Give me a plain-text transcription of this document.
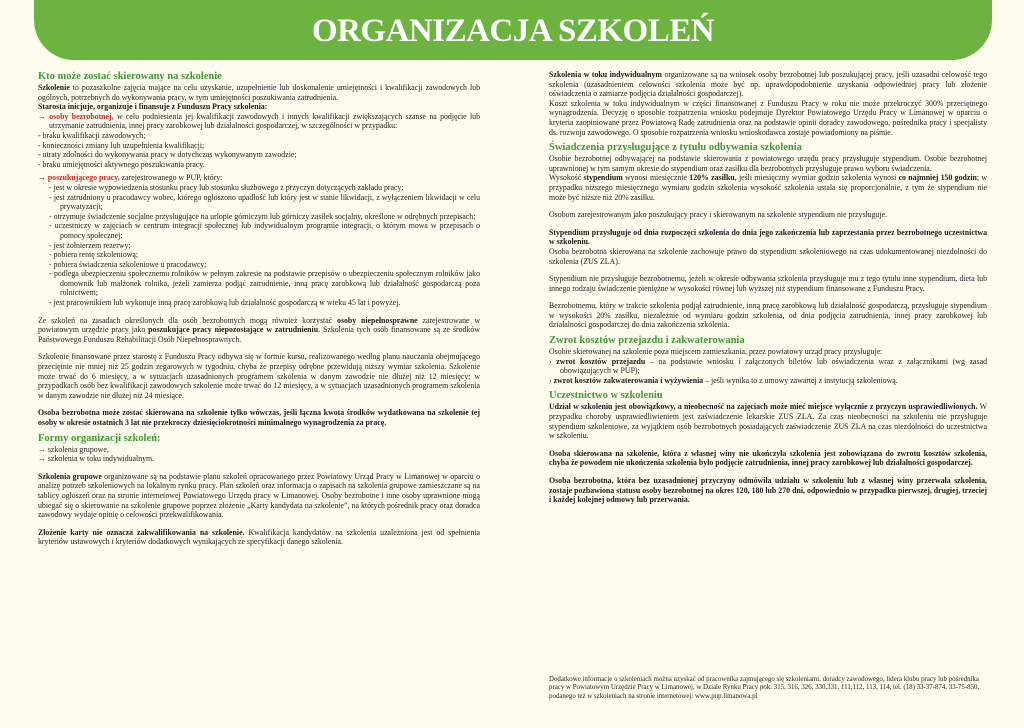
ORGANIZACJA SZKOLEŃ
Kto może zostać skierowany na szkolenie

Szkolenie to pozaszkolne zajęcia mające na celu uzyskanie, uzupełnienie lub doskonalenie umiejętności i kwalifikacji zawodowych lub ogólnych, potrzebnych do wykonywania pracy, w tym umiejętności poszukiwania zatrudnienia.

Starosta inicjuje, organizuje i finansuje z Funduszu Pracy szkolenia:

→ osoby bezrobotnej, w celu podniesienia jej kwalifikacji zawodowych i innych kwalifikacji zwiększających szanse na podjęcie lub utrzymanie zatrudnienia, innej pracy zarobkowej lub działalności gospodarczej, w szczególności w przypadku:

- braku kwalifikacji zawodowych;

- konieczności zmiany lub uzupełnienia kwalifikacji;

- utraty zdolności do wykonywania pracy w dotychczas wykonywanym zawodzie;

- braku umiejętności aktywnego poszukiwania pracy.

→ poszukującego pracy, zarejestrowanego w PUP, który:

- jest w okresie wypowiedzenia stosunku pracy lub stosunku służbowego z przyczyn dotyczących zakładu pracy;

- jest zatrudniony u pracodawcy wobec, którego ogłoszono upadłość lub który jest w stanie likwidacji, z wyłączeniem likwidacji w celu prywatyzacji;

- otrzymuje świadczenie socjalne przysługujące na urlopie górniczym lub górniczy zasiłek socjalny, określone w odrębnych przepisach;

- uczestniczy w zajęciach w centrum integracji społecznej lub indywidualnym programie integracji, o którym mowa w przepisach o pomocy społecznej;

- jest żołnierzem rezerwy;

- pobiera rentę szkoleniową;

- pobiera świadczenia szkoleniowe u pracodawcy;

- podlega ubezpieczeniu społecznemu rolników w pełnym zakresie na podstawie przepisów o ubezpieczeniu społecznym rolników jako domownik lub małżonek rolnika, jeżeli zamierza podjąć zatrudnienie, inną pracę zarobkową lub działalność gospodarczą poza rolnictwem;

- jest pracownikiem lub wykonuje inną pracę zarobkową lub działalność gospodarczą w wieku 45 lat i powyżej.

Ze szkoleń na zasadach określonych dla osób bezrobotnych mogą również korzystać osoby niepełnosprawne zarejestrowane w powiatowym urzędzie pracy jako poszukujące pracy niepozostające w zatrudnieniu. Szkolenia tych osób finansowane są ze środków Państwowego Funduszu Rehabilitacji Osób Niepełnosprawnych.

Szkolenie finansowane przez starostę z Funduszu Pracy odbywa się w formie kursu, realizowanego według planu nauczania obejmującego przeciętnie nie mniej niż 25 godzin zegarowych w tygodniu, chyba że przepisy odrębne przewidują niższy wymiar szkolenia. Szkolenie może trwać do 6 miesięcy, a w sytuacjach uzasadnionych programem szkolenia w danym zawodzie nie dłużej niż 12 miesięcy; w przypadkach osób bez kwalifikacji zawodowych szkolenie może trwać do 12 miesięcy, a w sytuacjach uzasadnionych programem szkolenia w danym zawodzie nie dłużej niż 24 miesiące.

Osoba bezrobotna może zostać skierowana na szkolenie tylko wówczas, jeśli łączna kwota środków wydatkowana na szkolenie tej osoby w okresie ostatnich 3 lat nie przekroczy dziesięciokrotności minimalnego wynagrodzenia za pracę.

Formy organizacji szkoleń:

→ szkolenia grupowe,

→ szkolenia w toku indywidualnym.

Szkolenia grupowe organizowane są na podstawie planu szkoleń opracowanego przez Powiatowy Urząd Pracy w Limanowej w oparciu o analizę potrzeb szkoleniowych na lokalnym rynku pracy. Plan szkoleń oraz informacja o zapisach na szkolenia grupowe zamieszczane są na tablicy ogłoszeń oraz na stronie internetowej Powiatowego Urzędu pracy w Limanowej. Osoby bezrobotne i inne osoby uprawnione mogą ubiegać się o skierowanie na szkolenie grupowe poprzez złożenie „Karty kandydata na szkolenie”, na których pośrednik pracy oraz doradca zawodowy wydaje opinię o celowości przekwalifikowania.

Złożenie karty nie oznacza zakwalifikowania na szkolenie. Kwalifikacja kandydatów na szkolenia uzależniona jest od spełnienia kryteriów ustawowych i kryteriów dodatkowych wynikających ze specyfikacji danego szkolenia.

Szkolenia w toku indywidualnym organizowane są na wniosek osoby bezrobotnej lub poszukującej pracy, jeśli uzasadni celowość tego szkolenia (uzasadnieniem celowości szkolenia może być np. uprawdopodobnienie uzyskania odpowiedniej pracy lub złożenie oświadczenia o zamiarze podjęcia działalności gospodarczej).

Koszt szkolenia w toku indywidualnym w części finansowanej z Funduszu Pracy w roku nie może przekroczyć 300% przeciętnego wynagrodzenia. Decyzję o sposobie rozpatrzenia wniosku podejmuje Dyrektor Powiatowego Urzędu Pracy w Limanowej w oparciu o kryteria zaopiniowane przez Powiatową Radę zatrudnienia oraz na podstawie opinii doradcy zawodowego, pośrednika pracy i specjalisty ds. rozwoju zawodowego. O sposobie rozpatrzenia wniosku wnioskodawca zostaje powiadomiony na piśmie.

Świadczenia przysługujące z tytułu odbywania szkolenia

Osobie bezrobotnej odbywającej na podstawie skierowania z powiatowego urzędu pracy przysługuje stypendium. Osobie bezrobotnej uprawnionej w tym samym okresie do stypendium oraz zasiłku dla bezrobotnych przysługuje prawo wyboru świadczenia.

Wysokość stypendium wynosi miesięcznie 120% zasiłku, jeśli miesięczny wymiar godzin szkolenia wynosi co najmniej 150 godzin; w przypadku niższego miesięcznego wymiaru godzin szkolenia wysokość szkolenia ustala się proporcjonalnie, z tym że stypendium nie może być niższe niż 20% zasiłku.

Osobom zarejestrowanym jako poszukujący pracy i skierowanym na szkolenie stypendium nie przysługuje.

Stypendium przysługuje od dnia rozpoczęci szkolenia do dnia jego zakończenia lub zaprzestania przez bezrobotnego uczestnictwa w szkoleniu.

Osoba bezrobotna skierowana na szkolenie zachowuje prawo do stypendium szkoleniowego na czas udokumentowanej niezdolności do szkolenia (ZUS ZLA).

Stypendium nie przysługuje bezrobotnemu, jeżeli w okresie odbywania szkolenia przysługuje mu z tego tytułu inne stypendium, dieta lub innego rodzaju świadczenie pieniężne w wysokości równej lub wyższej niż stypendium finansowane z Funduszu Pracy.

Bezrobotnemu, który w trakcie szkolenia podjął zatrudnienie, inną pracę zarobkową lub działalność gospodarczą, przysługuje stypendium w wysokości 20% zasiłku, niezależnie od wymiaru godzin szkolenia, od dnia podjęcia zatrudnienia, innej pracy zarobkowej lub działalności gospodarczej do dnia zakończenia szkolenia.

Zwrot kosztów przejazdu i zakwaterowania

Osobie skierowanej na szkolenie poza miejscem zamieszkania, przez powiatowy urząd pracy przysługuje:

› zwrot kosztów przejazdu – na podstawie wniosku i załączonych biletów lub oświadczenia wraz z załącznikami (wg zasad obowiązujących w PUP);

› zwrot kosztów zakwaterowania i wyżywienia – jeśli wynika to z umowy zawartej z instytucją szkoleniową.

Uczestnictwo w szkoleniu

Udział w szkoleniu jest obowiązkowy, a nieobecność na zajęciach może mieć miejsce wyłącznie z przyczyn usprawiedliwionych. W przypadku choroby usprawiedliwieniem jest zaświadczenie lekarskie ZUS ZLA. Za czas nieobecności na szkoleniu nie przysługuje stypendium szkoleniowe, za wyjątkiem osób bezrobotnych posiadających zaświadczenie ZUS ZLA na czas niezdolności do uczestnictwa w szkoleniu.

Osoba skierowana na szkolenie, która z własnej winy nie ukończyła szkolenia jest zobowiązana do zwrotu kosztów szkolenia, chyba że powodem nie ukończenia szkolenia było podjęcie zatrudnienia, innej pracy zarobkowej lub działalności gospodarczej.

Osoba bezrobotna, która bez uzasadnionej przyczyny odmówiła udziału w szkoleniu lub z własnej winy przerwała szkolenia, zostaje pozbawiona statusu osoby bezrobotnej na okres 120, 180 lub 270 dni, odpowiednio w przypadku pierwszej, drugiej, trzeciej i każdej kolejnej odmowy lub przerwania.

Dodatkowe informacje o szkoleniach można uzyskać od pracownika zajmującego się szkoleniami, doradcy zawodowego, lidera klubu pracy lub pośrednika pracy w Powiatowym Urzędzie Pracy w Limanowej, w Dziale Rynku Pracy pok. 315, 316, 326, 330,331, 111,112, 113, 114, tel. (18) 33-37-874, 33-75-850, podanego też w szkoleniach na stronie internetowej: www.pup.limanowa.pl
